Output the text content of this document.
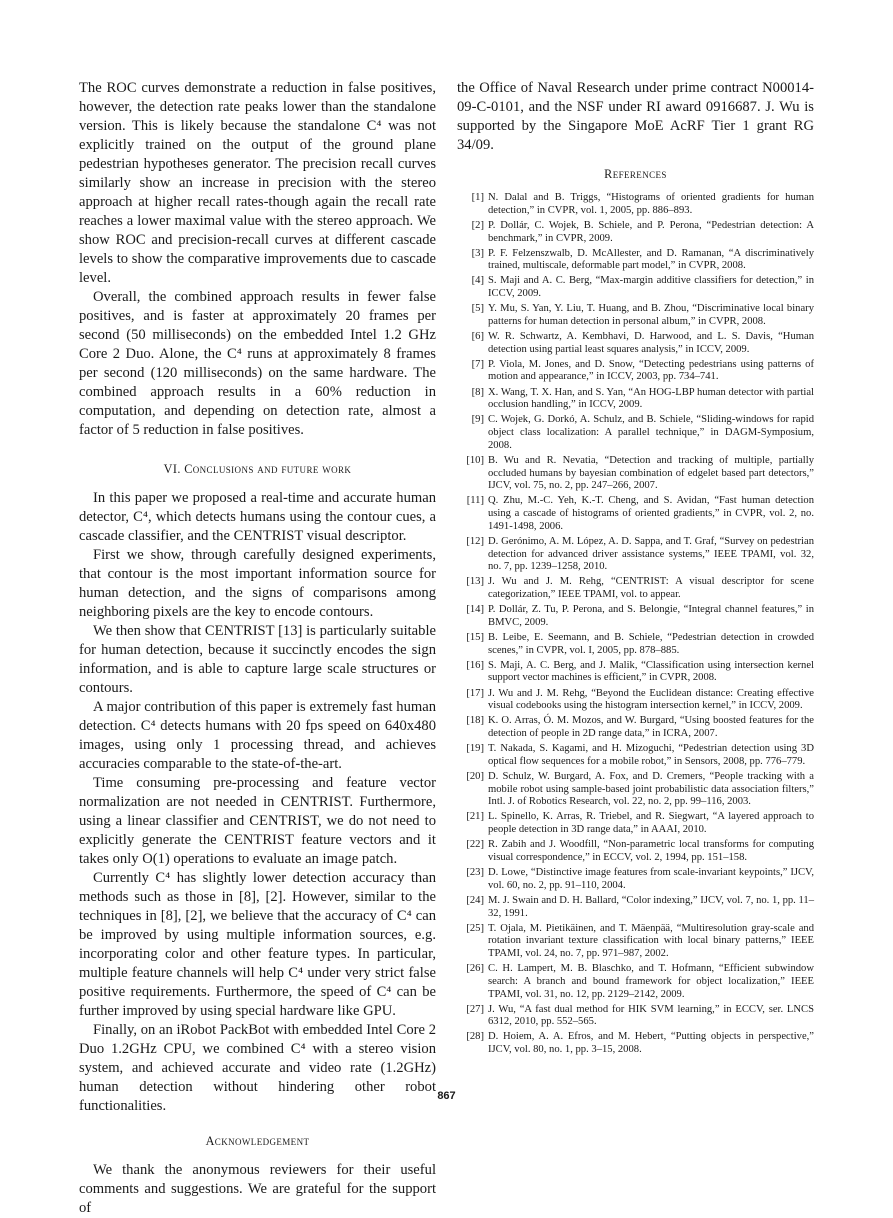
The ROC curves demonstrate a reduction in false positives, however, the detection rate peaks lower than the standalone version. This is likely because the standalone C⁴ was not explicitly trained on the output of the ground plane pedestrian hypotheses generator. The precision recall curves similarly show an increase in precision with the stereo approach at higher recall rates-though again the recall rate reaches a lower maximal value with the stereo approach. We show ROC and precision-recall curves at different cascade levels to show the comparative improvements due to cascade level.

Overall, the combined approach results in fewer false positives, and is faster at approximately 20 frames per second (50 milliseconds) on the embedded Intel 1.2 GHz Core 2 Duo. Alone, the C⁴ runs at approximately 8 frames per second (120 milliseconds) on the same hardware. The combined approach results in a 60% reduction in computation, and depending on detection rate, almost a factor of 5 reduction in false positives.

VI. Conclusions and future work

In this paper we proposed a real-time and accurate human detector, C⁴, which detects humans using the contour cues, a cascade classifier, and the CENTRIST visual descriptor.

First we show, through carefully designed experiments, that contour is the most important information source for human detection, and the signs of comparisons among neighboring pixels are the key to encode contours.

We then show that CENTRIST [13] is particularly suitable for human detection, because it succinctly encodes the sign information, and is able to capture large scale structures or contours.

A major contribution of this paper is extremely fast human detection. C⁴ detects humans with 20 fps speed on 640x480 images, using only 1 processing thread, and achieves accuracies comparable to the state-of-the-art.

Time consuming pre-processing and feature vector normalization are not needed in CENTRIST. Furthermore, using a linear classifier and CENTRIST, we do not need to explicitly generate the CENTRIST feature vectors and it takes only O(1) operations to evaluate an image patch.

Currently C⁴ has slightly lower detection accuracy than methods such as those in [8], [2]. However, similar to the techniques in [8], [2], we believe that the accuracy of C⁴ can be improved by using multiple information sources, e.g. incorporating color and other feature types. In particular, multiple feature channels will help C⁴ under very strict false positive requirements. Furthermore, the speed of C⁴ can be further improved by using special hardware like GPU.

Finally, on an iRobot PackBot with embedded Intel Core 2 Duo 1.2GHz CPU, we combined C⁴ with a stereo vision system, and achieved accurate and video rate (1.2GHz) human detection without hindering other robot functionalities.

Acknowledgement

We thank the anonymous reviewers for their useful comments and suggestions. We are grateful for the support of

the Office of Naval Research under prime contract N00014-09-C-0101, and the NSF under RI award 0916687. J. Wu is supported by the Singapore MoE AcRF Tier 1 grant RG 34/09.

References
[1] N. Dalal and B. Triggs, “Histograms of oriented gradients for human detection,” in CVPR, vol. 1, 2005, pp. 886–893.
[2] P. Dollár, C. Wojek, B. Schiele, and P. Perona, “Pedestrian detection: A benchmark,” in CVPR, 2009.
[3] P. F. Felzenszwalb, D. McAllester, and D. Ramanan, “A discriminatively trained, multiscale, deformable part model,” in CVPR, 2008.
[4] S. Maji and A. C. Berg, “Max-margin additive classifiers for detection,” in ICCV, 2009.
[5] Y. Mu, S. Yan, Y. Liu, T. Huang, and B. Zhou, “Discriminative local binary patterns for human detection in personal album,” in CVPR, 2008.
[6] W. R. Schwartz, A. Kembhavi, D. Harwood, and L. S. Davis, “Human detection using partial least squares analysis,” in ICCV, 2009.
[7] P. Viola, M. Jones, and D. Snow, “Detecting pedestrians using patterns of motion and appearance,” in ICCV, 2003, pp. 734–741.
[8] X. Wang, T. X. Han, and S. Yan, “An HOG-LBP human detector with partial occlusion handling,” in ICCV, 2009.
[9] C. Wojek, G. Dorkó, A. Schulz, and B. Schiele, “Sliding-windows for rapid object class localization: A parallel technique,” in DAGM-Symposium, 2008.
[10] B. Wu and R. Nevatia, “Detection and tracking of multiple, partially occluded humans by bayesian combination of edgelet based part detectors,” IJCV, vol. 75, no. 2, pp. 247–266, 2007.
[11] Q. Zhu, M.-C. Yeh, K.-T. Cheng, and S. Avidan, “Fast human detection using a cascade of histograms of oriented gradients,” in CVPR, vol. 2, no. 1491-1498, 2006.
[12] D. Gerónimo, A. M. López, A. D. Sappa, and T. Graf, “Survey on pedestrian detection for advanced driver assistance systems,” IEEE TPAMI, vol. 32, no. 7, pp. 1239–1258, 2010.
[13] J. Wu and J. M. Rehg, “CENTRIST: A visual descriptor for scene categorization,” IEEE TPAMI, vol. to appear.
[14] P. Dollár, Z. Tu, P. Perona, and S. Belongie, “Integral channel features,” in BMVC, 2009.
[15] B. Leibe, E. Seemann, and B. Schiele, “Pedestrian detection in crowded scenes,” in CVPR, vol. I, 2005, pp. 878–885.
[16] S. Maji, A. C. Berg, and J. Malik, “Classification using intersection kernel support vector machines is efficient,” in CVPR, 2008.
[17] J. Wu and J. M. Rehg, “Beyond the Euclidean distance: Creating effective visual codebooks using the histogram intersection kernel,” in ICCV, 2009.
[18] K. O. Arras, Ó. M. Mozos, and W. Burgard, “Using boosted features for the detection of people in 2D range data,” in ICRA, 2007.
[19] T. Nakada, S. Kagami, and H. Mizoguchi, “Pedestrian detection using 3D optical flow sequences for a mobile robot,” in Sensors, 2008, pp. 776–779.
[20] D. Schulz, W. Burgard, A. Fox, and D. Cremers, “People tracking with a mobile robot using sample-based joint probabilistic data association filters,” Intl. J. of Robotics Research, vol. 22, no. 2, pp. 99–116, 2003.
[21] L. Spinello, K. Arras, R. Triebel, and R. Siegwart, “A layered approach to people detection in 3D range data,” in AAAI, 2010.
[22] R. Zabih and J. Woodfill, “Non-parametric local transforms for computing visual correspondence,” in ECCV, vol. 2, 1994, pp. 151–158.
[23] D. Lowe, “Distinctive image features from scale-invariant keypoints,” IJCV, vol. 60, no. 2, pp. 91–110, 2004.
[24] M. J. Swain and D. H. Ballard, “Color indexing,” IJCV, vol. 7, no. 1, pp. 11–32, 1991.
[25] T. Ojala, M. Pietikäinen, and T. Mäenpää, “Multiresolution gray-scale and rotation invariant texture classification with local binary patterns,” IEEE TPAMI, vol. 24, no. 7, pp. 971–987, 2002.
[26] C. H. Lampert, M. B. Blaschko, and T. Hofmann, “Efficient subwindow search: A branch and bound framework for object localization,” IEEE TPAMI, vol. 31, no. 12, pp. 2129–2142, 2009.
[27] J. Wu, “A fast dual method for HIK SVM learning,” in ECCV, ser. LNCS 6312, 2010, pp. 552–565.
[28] D. Hoiem, A. A. Efros, and M. Hebert, “Putting objects in perspective,” IJCV, vol. 80, no. 1, pp. 3–15, 2008.
867
